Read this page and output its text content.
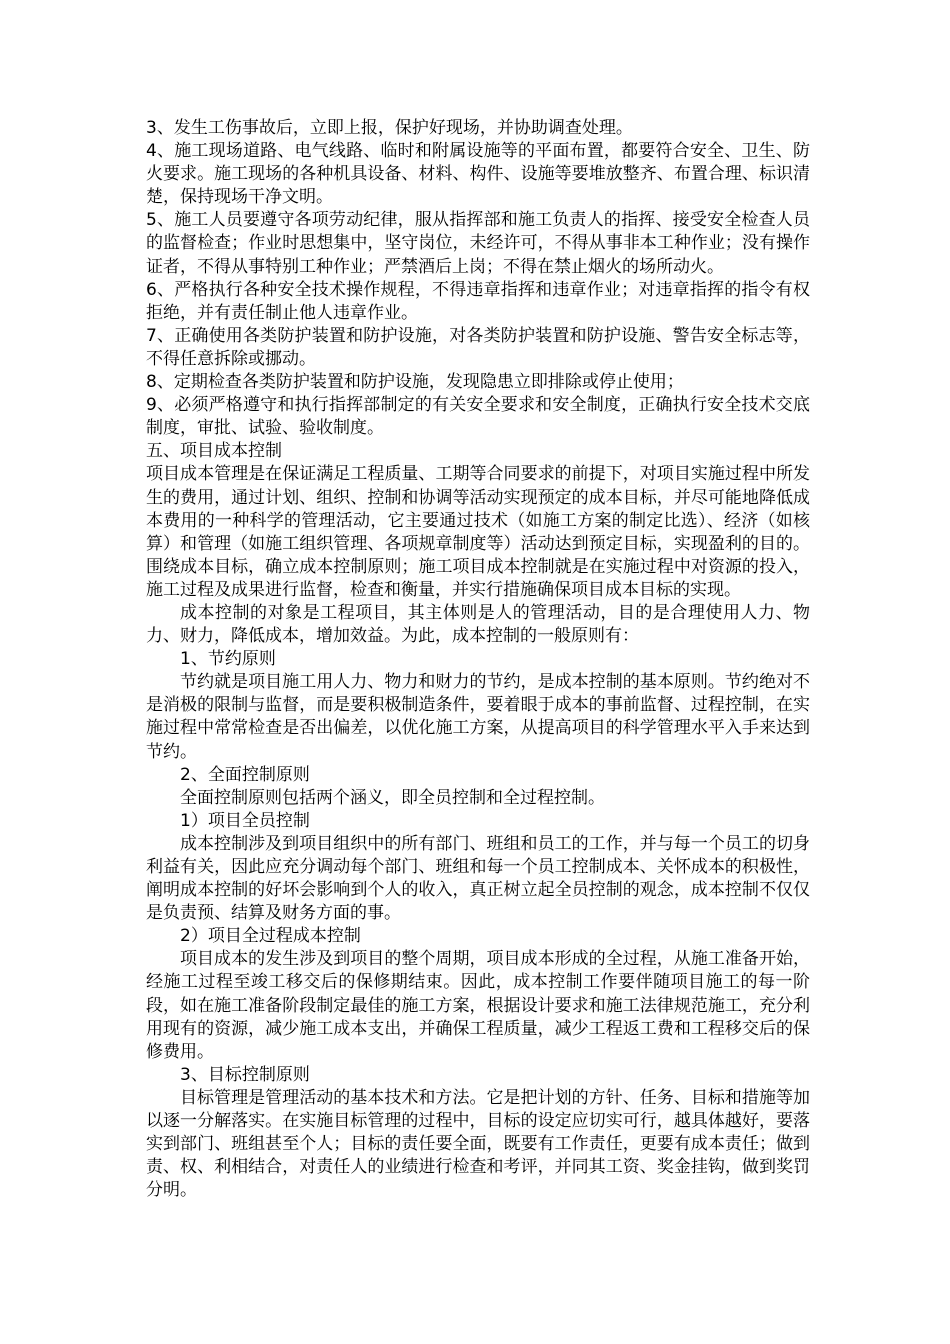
3、发生工伤事故后，立即上报，保护好现场，并协助调查处理。

4、施工现场道路、电气线路、临时和附属设施等的平面布置，都要符合安全、卫生、防火要求。施工现场的各种机具设备、材料、构件、设施等要堆放整齐、布置合理、标识清楚，保持现场干净文明。

5、施工人员要遵守各项劳动纪律，服从指挥部和施工负责人的指挥、接受安全检查人员的监督检查；作业时思想集中，坚守岗位，未经许可，不得从事非本工种作业；没有操作证者，不得从事特别工种作业；严禁酒后上岗；不得在禁止烟火的场所动火。

6、严格执行各种安全技术操作规程，不得违章指挥和违章作业；对违章指挥的指令有权拒绝，并有责任制止他人违章作业。

7、正确使用各类防护装置和防护设施，对各类防护装置和防护设施、警告安全标志等，不得任意拆除或挪动。

8、定期检查各类防护装置和防护设施，发现隐患立即排除或停止使用；

9、必须严格遵守和执行指挥部制定的有关安全要求和安全制度，正确执行安全技术交底制度，审批、试验、验收制度。

五、项目成本控制

项目成本管理是在保证满足工程质量、工期等合同要求的前提下，对项目实施过程中所发生的费用，通过计划、组织、控制和协调等活动实现预定的成本目标，并尽可能地降低成本费用的一种科学的管理活动，它主要通过技术（如施工方案的制定比选）、经济（如核算）和管理（如施工组织管理、各项规章制度等）活动达到预定目标，实现盈利的目的。围绕成本目标，确立成本控制原则；施工项目成本控制就是在实施过程中对资源的投入，施工过程及成果进行监督，检查和衡量，并实行措施确保项目成本目标的实现。

成本控制的对象是工程项目，其主体则是人的管理活动，目的是合理使用人力、物力、财力，降低成本，增加效益。为此，成本控制的一般原则有：

1、节约原则

节约就是项目施工用人力、物力和财力的节约，是成本控制的基本原则。节约绝对不是消极的限制与监督，而是要积极制造条件，要着眼于成本的事前监督、过程控制，在实施过程中常常检查是否出偏差，以优化施工方案，从提高项目的科学管理水平入手来达到节约。

2、全面控制原则

全面控制原则包括两个涵义，即全员控制和全过程控制。

1）项目全员控制

成本控制涉及到项目组织中的所有部门、班组和员工的工作，并与每一个员工的切身利益有关，因此应充分调动每个部门、班组和每一个员工控制成本、关怀成本的积极性，阐明成本控制的好坏会影响到个人的收入，真正树立起全员控制的观念，成本控制不仅仅是负责预、结算及财务方面的事。

2）项目全过程成本控制

项目成本的发生涉及到项目的整个周期，项目成本形成的全过程，从施工准备开始，经施工过程至竣工移交后的保修期结束。因此，成本控制工作要伴随项目施工的每一阶段，如在施工准备阶段制定最佳的施工方案，根据设计要求和施工法律规范施工，充分利用现有的资源，减少施工成本支出，并确保工程质量，减少工程返工费和工程移交后的保修费用。

3、目标控制原则

目标管理是管理活动的基本技术和方法。它是把计划的方针、任务、目标和措施等加以逐一分解落实。在实施目标管理的过程中，目标的设定应切实可行，越具体越好，要落实到部门、班组甚至个人；目标的责任要全面，既要有工作责任，更要有成本责任；做到责、权、利相结合，对责任人的业绩进行检查和考评，并同其工资、奖金挂钩，做到奖罚分明。
